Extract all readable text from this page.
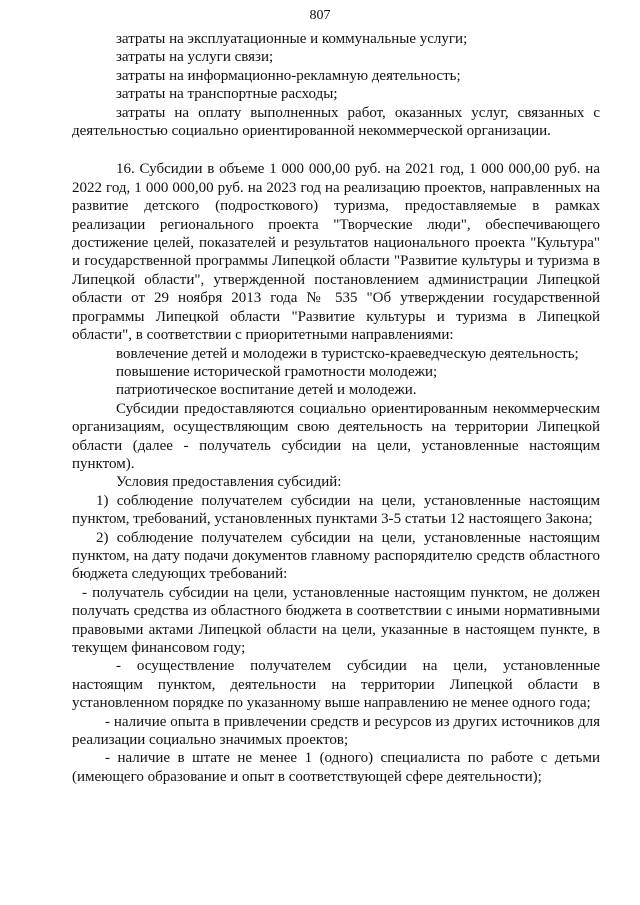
807

затраты на эксплуатационные и коммунальные услуги;

затраты на услуги связи;

затраты на информационно-рекламную деятельность;

затраты на транспортные расходы;

затраты на оплату выполненных работ, оказанных услуг, связанных с деятельностью социально ориентированной некоммерческой организации.

16. Субсидии в объеме 1 000 000,00 руб. на 2021 год, 1 000 000,00 руб. на 2022 год, 1 000 000,00 руб. на 2023 год на реализацию проектов, направленных на развитие детского (подросткового) туризма, предоставляемые в рамках реализации регионального проекта "Творческие люди", обеспечивающего достижение целей, показателей и результатов национального проекта "Культура" и государственной программы Липецкой области "Развитие культуры и туризма в Липецкой области", утвержденной постановлением администрации Липецкой области от 29 ноября 2013 года № 535 "Об утверждении государственной программы Липецкой области "Развитие культуры и туризма в Липецкой области", в соответствии с приоритетными направлениями:

вовлечение детей и молодежи в туристско-краеведческую деятельность;

повышение исторической грамотности молодежи;

патриотическое воспитание детей и молодежи.

Субсидии предоставляются социально ориентированным некоммерческим организациям, осуществляющим свою деятельность на территории Липецкой области (далее - получатель субсидии на цели, установленные настоящим пунктом).

Условия предоставления субсидий:

1) соблюдение получателем субсидии на цели, установленные настоящим пунктом, требований, установленных пунктами 3-5 статьи 12 настоящего Закона;

2) соблюдение получателем субсидии на цели, установленные настоящим пунктом, на дату подачи документов главному распорядителю средств областного бюджета следующих требований:

- получатель субсидии на цели, установленные настоящим пунктом, не должен получать средства из областного бюджета в соответствии с иными нормативными правовыми актами Липецкой области на цели, указанные в настоящем пункте, в текущем финансовом году;

- осуществление получателем субсидии на цели, установленные настоящим пунктом, деятельности на территории Липецкой области в установленном порядке по указанному выше направлению не менее одного года;

- наличие опыта в привлечении средств и ресурсов из других источников для реализации социально значимых проектов;

- наличие в штате не менее 1 (одного) специалиста по работе с детьми (имеющего образование и опыт в соответствующей сфере деятельности);
